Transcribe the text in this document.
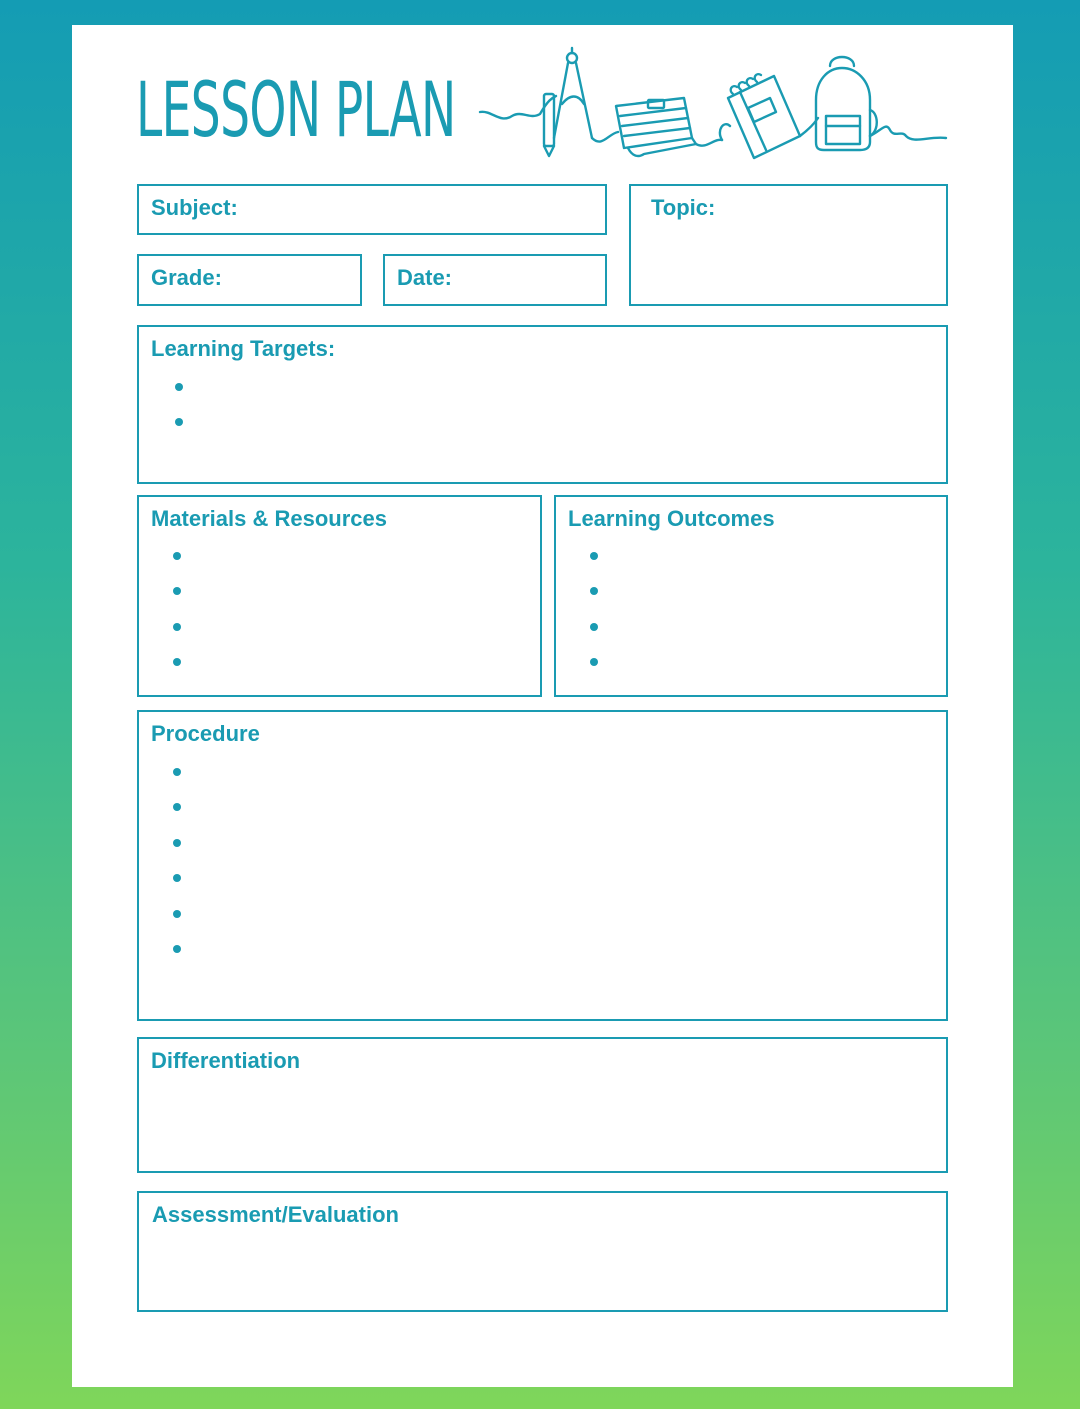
LESSON PLAN
Subject:	Topic:
Grade:	Date:
Learning Targets:
Materials & Resources	Learning Outcomes
Procedure
Differentiation
Assessment/Evaluation
